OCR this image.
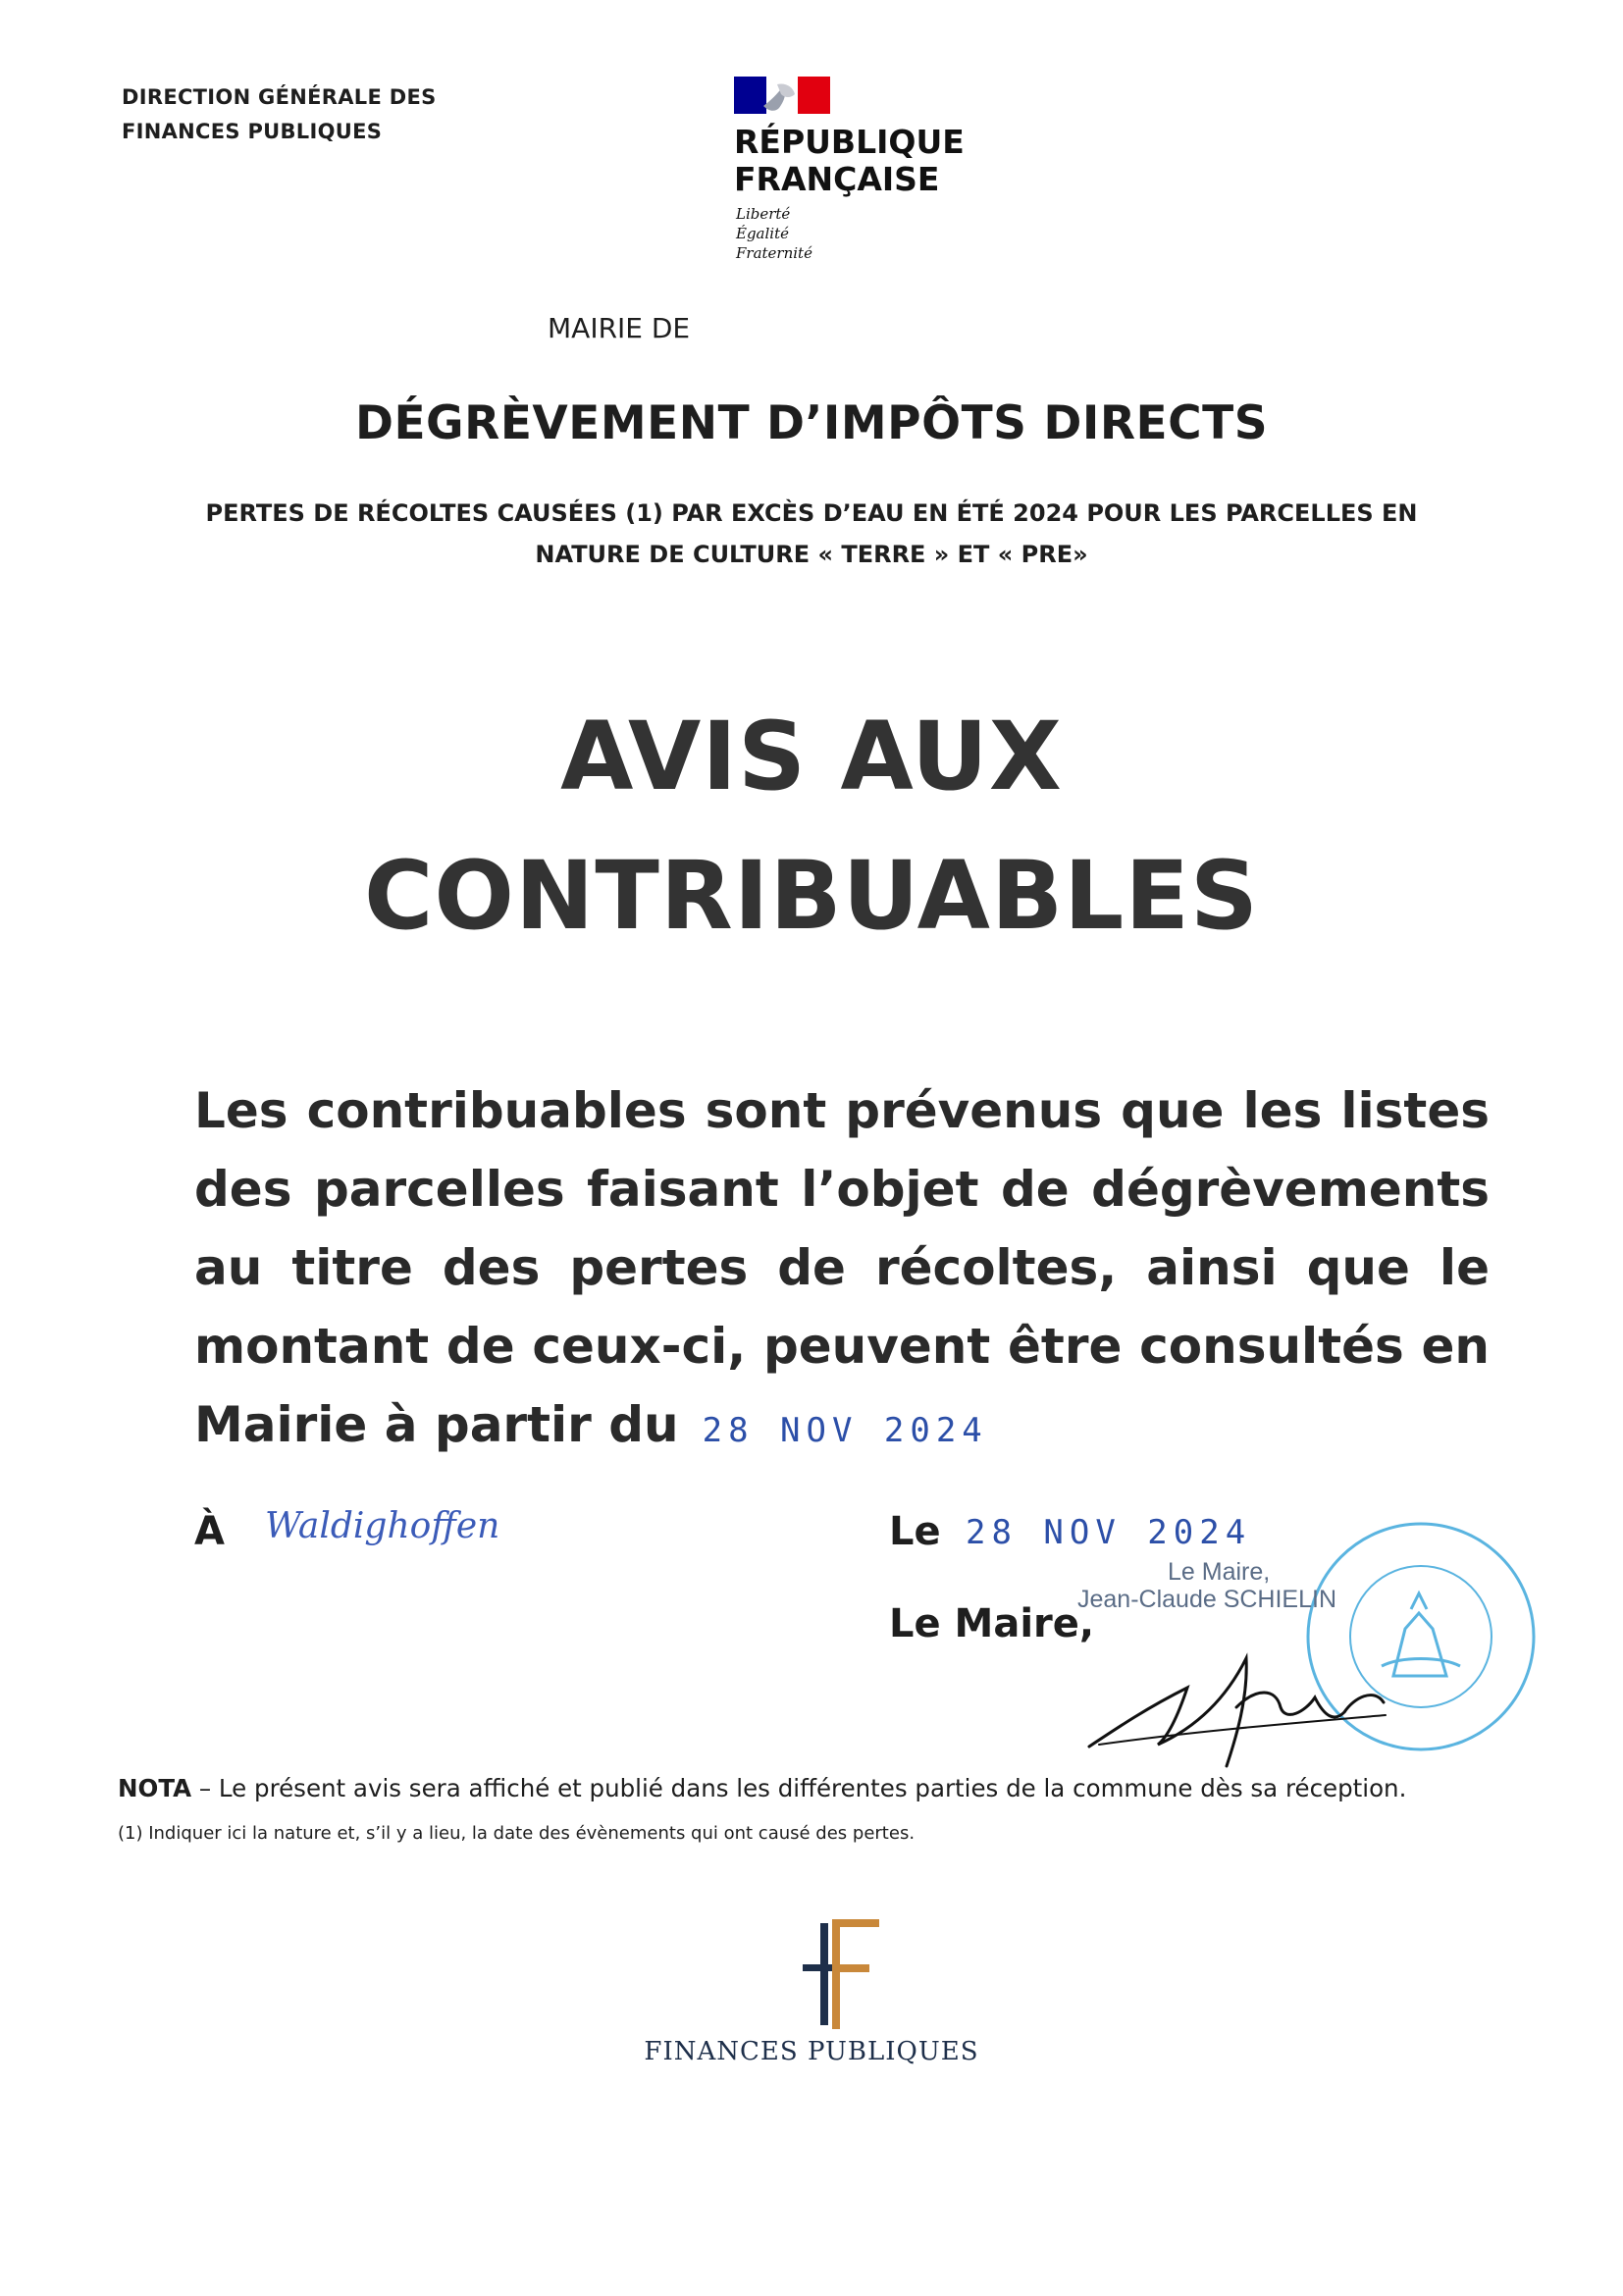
DIRECTION GÉNÉRALE DES
FINANCES PUBLIQUES	RÉPUBLIQUE
FRANÇAISE
Liberté
Égalité
Fraternité
MAIRIE DE
DÉGRÈVEMENT D’IMPÔTS DIRECTS
PERTES DE RÉCOLTES CAUSÉES (1) PAR EXCÈS D’EAU EN ÉTÉ 2024 POUR LES PARCELLES EN
NATURE DE CULTURE « TERRE » ET « PRE»
AVIS AUX
CONTRIBUABLES
Les contribuables sont prévenus que les listes des parcelles faisant l’objet de dégrèvements au titre des pertes de récoltes, ainsi que le montant de ceux-ci, peuvent être consultés en Mairie à partir du 28 NOV 2024
À Waldighoffen	Le 28 NOV 2024
Le Maire,
Le Maire,
Jean-Claude SCHIELIN
NOTA – Le présent avis sera affiché et publié dans les différentes parties de la commune dès sa réception.
(1) Indiquer ici la nature et, s’il y a lieu, la date des évènements qui ont causé des pertes.
FINANCES PUBLIQUES
